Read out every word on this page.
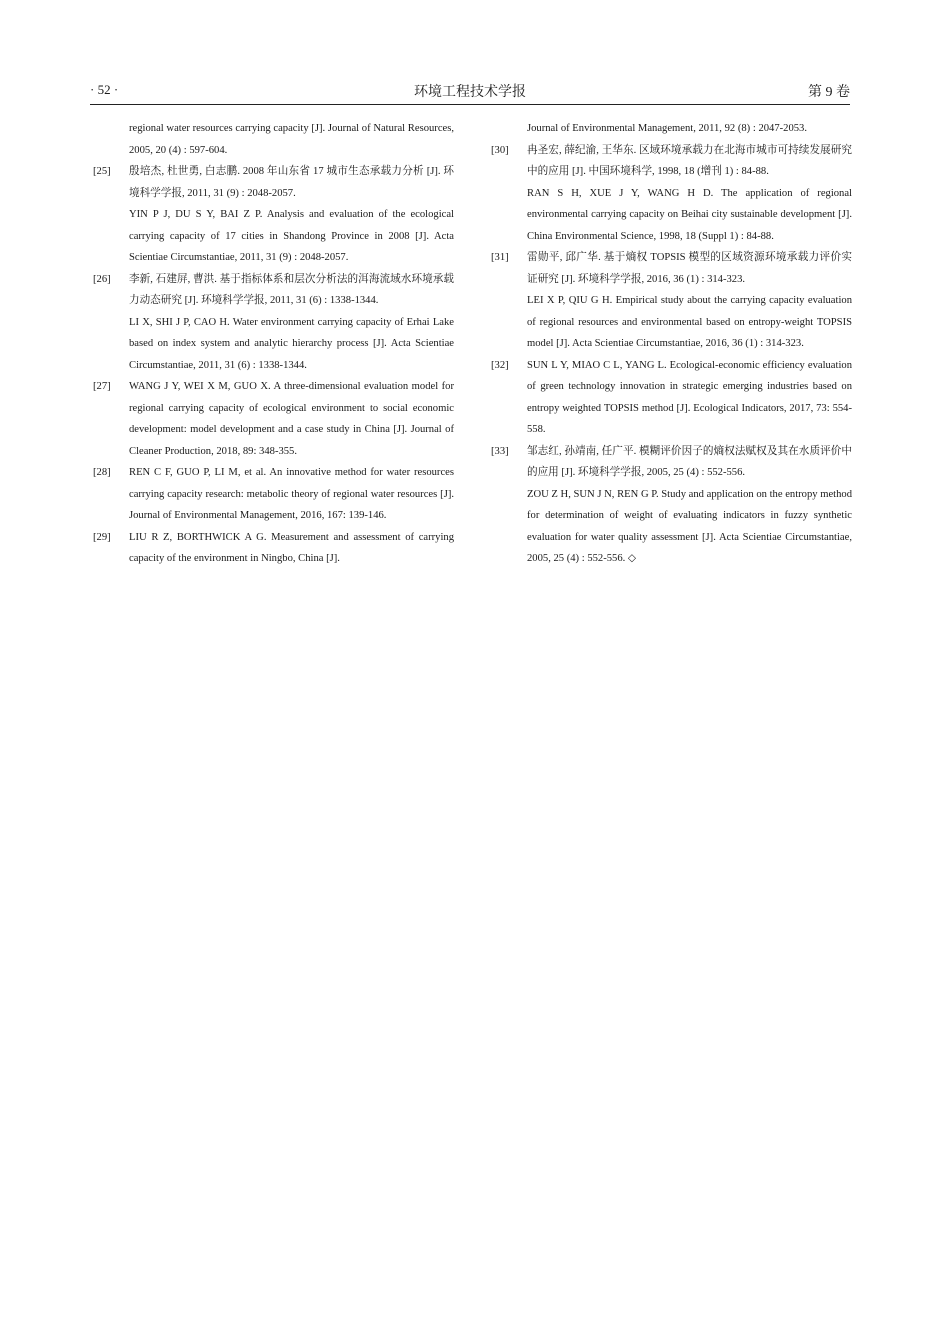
· 52 ·	环境工程技术学报	第 9 卷

regional water resources carrying capacity [J]. Journal of Natural Resources, 2005, 20 (4) : 597-604.

[25] 殷培杰, 杜世勇, 白志鹏. 2008 年山东省 17 城市生态承载力分析 [J]. 环境科学学报, 2011, 31 (9) : 2048-2057.

YIN P J, DU S Y, BAI Z P. Analysis and evaluation of the ecological carrying capacity of 17 cities in Shandong Province in 2008 [J]. Acta Scientiae Circumstantiae, 2011, 31 (9) : 2048-2057.

[26] 李新, 石建屏, 曹洪. 基于指标体系和层次分析法的洱海流域水环境承载力动态研究 [J]. 环境科学学报, 2011, 31 (6) : 1338-1344.

LI X, SHI J P, CAO H. Water environment carrying capacity of Erhai Lake based on index system and analytic hierarchy process [J]. Acta Scientiae Circumstantiae, 2011, 31 (6) : 1338-1344.

[27] WANG J Y, WEI X M, GUO X. A three-dimensional evaluation model for regional carrying capacity of ecological environment to social economic development: model development and a case study in China [J]. Journal of Cleaner Production, 2018, 89: 348-355.

[28] REN C F, GUO P, LI M, et al. An innovative method for water resources carrying capacity research: metabolic theory of regional water resources [J]. Journal of Environmental Management, 2016, 167: 139-146.

[29] LIU R Z, BORTHWICK A G. Measurement and assessment of carrying capacity of the environment in Ningbo, China [J].

Journal of Environmental Management, 2011, 92 (8) : 2047-2053.

[30] 冉圣宏, 薛纪渝, 王华东. 区域环境承载力在北海市城市可持续发展研究中的应用 [J]. 中国环境科学, 1998, 18 (增刊 1) : 84-88.

RAN S H, XUE J Y, WANG H D. The application of regional environmental carrying capacity on Beihai city sustainable development [J]. China Environmental Science, 1998, 18 (Suppl 1) : 84-88.

[31] 雷勋平, 邱广华. 基于熵权 TOPSIS 模型的区域资源环境承载力评价实证研究 [J]. 环境科学学报, 2016, 36 (1) : 314-323.

LEI X P, QIU G H. Empirical study about the carrying capacity evaluation of regional resources and environmental based on entropy-weight TOPSIS model [J]. Acta Scientiae Circumstantiae, 2016, 36 (1) : 314-323.

[32] SUN L Y, MIAO C L, YANG L. Ecological-economic efficiency evaluation of green technology innovation in strategic emerging industries based on entropy weighted TOPSIS method [J]. Ecological Indicators, 2017, 73: 554-558.

[33] 邹志红, 孙靖南, 任广平. 模糊评价因子的熵权法赋权及其在水质评价中的应用 [J]. 环境科学学报, 2005, 25 (4) : 552-556.

ZOU Z H, SUN J N, REN G P. Study and application on the entropy method for determination of weight of evaluating indicators in fuzzy synthetic evaluation for water quality assessment [J]. Acta Scientiae Circumstantiae, 2005, 25 (4) : 552-556. ◇
